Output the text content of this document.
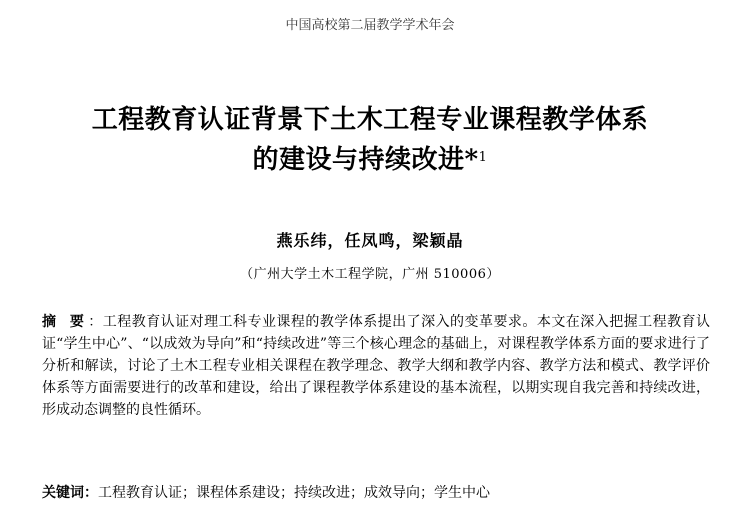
中国高校第二届教学学术年会
工程教育认证背景下土木工程专业课程教学体系
的建设与持续改进*$^1$
燕乐纬，任凤鸣，梁颖晶
（广州大学土木工程学院，广州 510006）
摘 要：工程教育认证对理工科专业课程的教学体系提出了深入的变革要求。本文在深入把握工程教育认证“学生中心”、“以成效为导向”和“持续改进”等三个核心理念的基础上，对课程教学体系方面的要求进行了分析和解读，讨论了土木工程专业相关课程在教学理念、教学大纲和教学内容、教学方法和模式、教学评价体系等方面需要进行的改革和建设，给出了课程教学体系建设的基本流程，以期实现自我完善和持续改进，形成动态调整的良性循环。
关键词：工程教育认证；课程体系建设；持续改进；成效导向；学生中心
